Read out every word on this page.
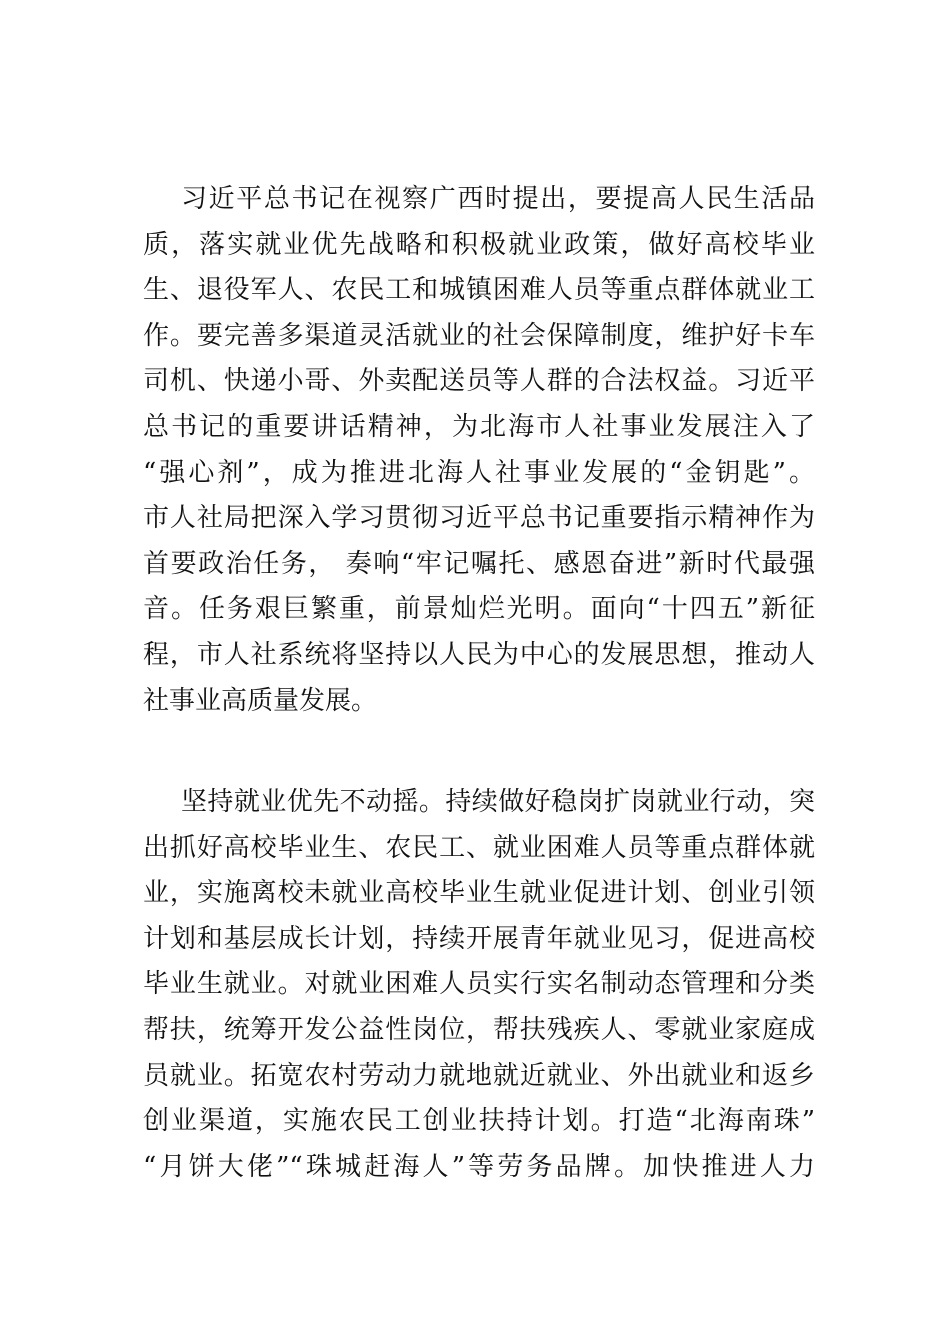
习近平总书记在视察广西时提出，要提高人民生活品
质，落实就业优先战略和积极就业政策，做好高校毕业
生、退役军人、农民工和城镇困难人员等重点群体就业工
作。要完善多渠道灵活就业的社会保障制度，维护好卡车
司机、快递小哥、外卖配送员等人群的合法权益。习近平
总书记的重要讲话精神，为北海市人社事业发展注入了
“强心剂”，成为推进北海人社事业发展的“金钥匙”。
市人社局把深入学习贯彻习近平总书记重要指示精神作为
首要政治任务， 奏响“牢记嘱托、感恩奋进”新时代最强
音。任务艰巨繁重，前景灿烂光明。面向“十四五”新征
程，市人社系统将坚持以人民为中心的发展思想，推动人
社事业高质量发展。
坚持就业优先不动摇。持续做好稳岗扩岗就业行动，突
出抓好高校毕业生、农民工、就业困难人员等重点群体就
业，实施离校未就业高校毕业生就业促进计划、创业引领
计划和基层成长计划，持续开展青年就业见习，促进高校
毕业生就业。对就业困难人员实行实名制动态管理和分类
帮扶，统筹开发公益性岗位，帮扶残疾人、零就业家庭成
员就业。拓宽农村劳动力就地就近就业、外出就业和返乡
创业渠道，实施农民工创业扶持计划。打造“北海南珠”
“月饼大佬”“珠城赶海人”等劳务品牌。加快推进人力
